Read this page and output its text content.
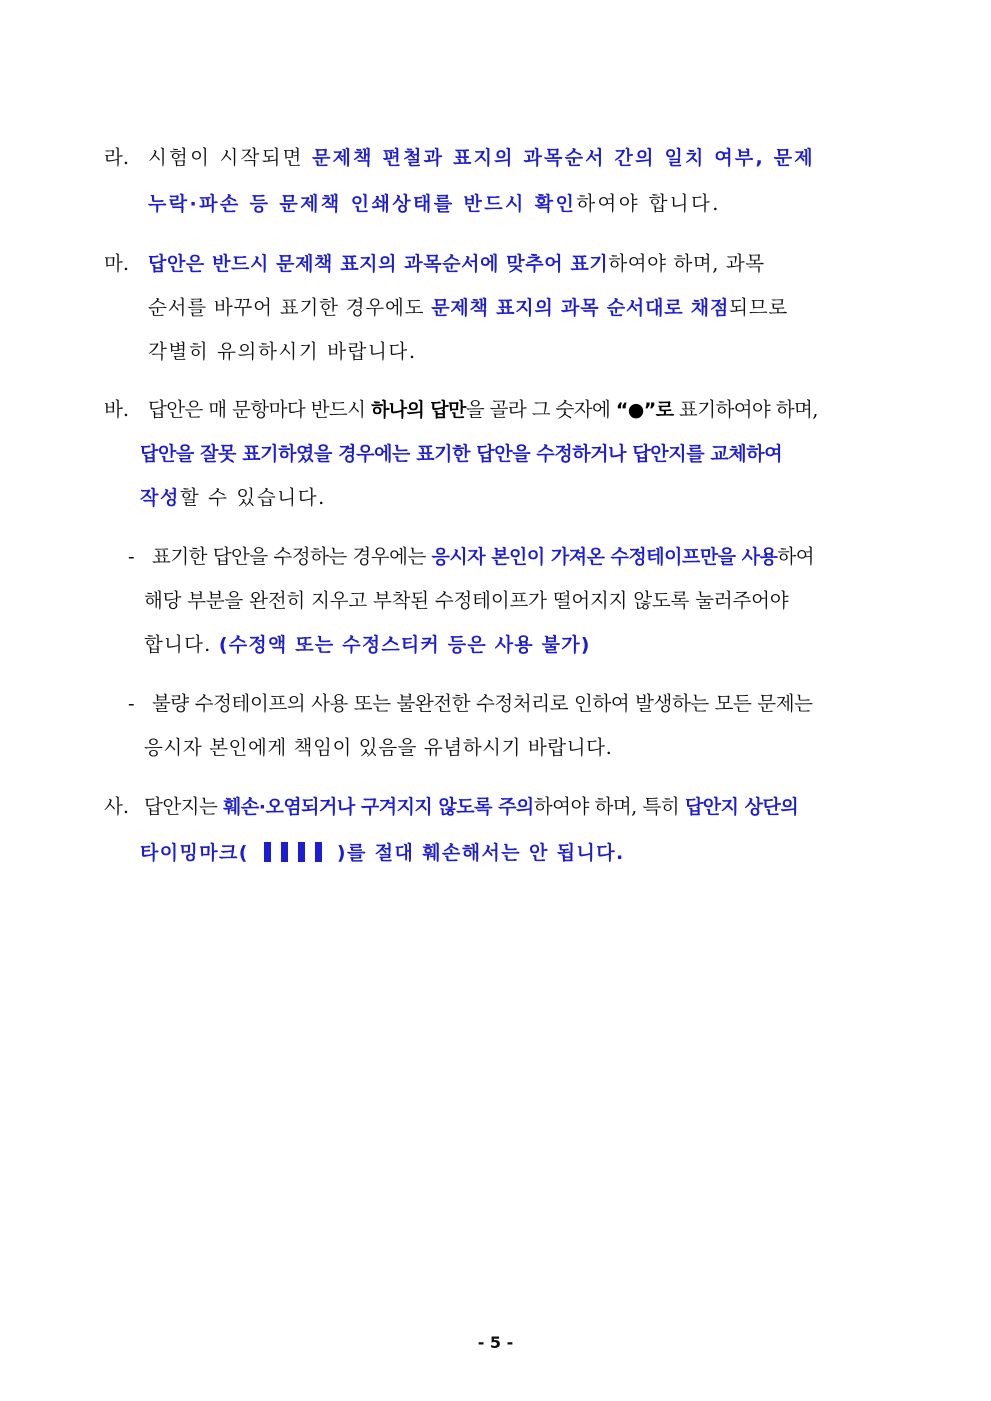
라. 시험이 시작되면 문제책 편철과 표지의 과목순서 간의 일치 여부, 문제
누락·파손 등 문제책 인쇄상태를 반드시 확인하여야 합니다.
마. 답안은 반드시 문제책 표지의 과목순서에 맞추어 표기하여야 하며, 과목
순서를 바꾸어 표기한 경우에도 문제책 표지의 과목 순서대로 채점되므로
각별히 유의하시기 바랍니다.
바. 답안은 매 문항마다 반드시 하나의 답만을 골라 그 숫자에 “●”로 표기하여야 하며,
답안을 잘못 표기하였을 경우에는 표기한 답안을 수정하거나 답안지를 교체하여
작성할 수 있습니다.
- 표기한 답안을 수정하는 경우에는 응시자 본인이 가져온 수정테이프만을 사용하여
해당 부분을 완전히 지우고 부착된 수정테이프가 떨어지지 않도록 눌러주어야
합니다. (수정액 또는 수정스티커 등은 사용 불가)
- 불량 수정테이프의 사용 또는 불완전한 수정처리로 인하여 발생하는 모든 문제는
응시자 본인에게 책임이 있음을 유념하시기 바랍니다.
사. 답안지는 훼손·오염되거나 구겨지지 않도록 주의하여야 하며, 특히 답안지 상단의
타이밍마크(	)를 절대 훼손해서는 안 됩니다.
- 5 -
